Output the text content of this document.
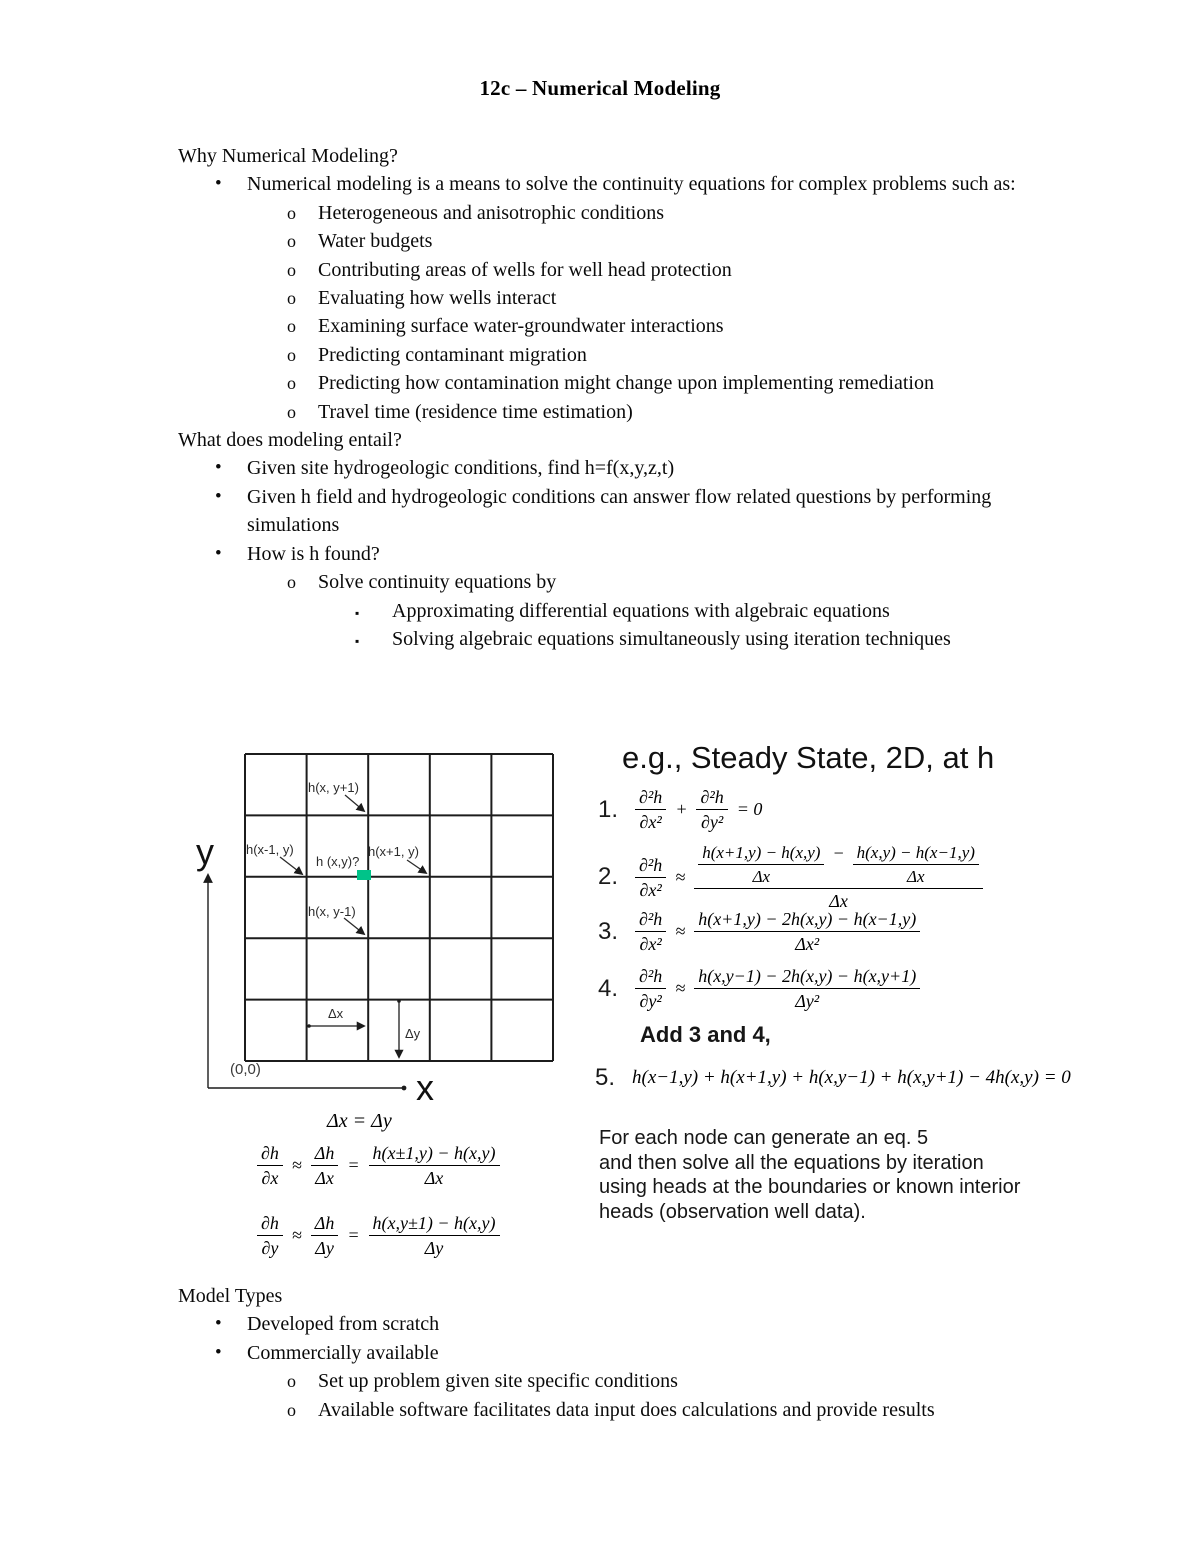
12c – Numerical Modeling
Why Numerical Modeling?
• Numerical modeling is a means to solve the continuity equations for complex problems such as:
o Heterogeneous and anisotrophic conditions
o Water budgets
o Contributing areas of wells for well head protection
o Evaluating how wells interact
o Examining surface water-groundwater interactions
o Predicting contaminant migration
o Predicting how contamination might change upon implementing remediation
o Travel time (residence time estimation)
What does modeling entail?
• Given site hydrogeologic conditions, find h=f(x,y,z,t)
• Given h field and hydrogeologic conditions can answer flow related questions by performing simulations
• How is h found?
o Solve continuity equations by
▪ Approximating differential equations with algebraic equations
▪ Solving algebraic equations simultaneously using iteration techniques
h(x, y+1)
h(x-1, y)
h (x,y)?
h(x+1, y)
h(x, y-1)
Δx
Δy
(0,0)
y
x
Δx = Δy
$\frac{\partial h}{\partial x} \approx \frac{\Delta h}{\Delta x} = \frac{h(x\pm 1,y) - h(x,y)}{\Delta x}$
$\frac{\partial h}{\partial y} \approx \frac{\Delta h}{\Delta y} = \frac{h(x,y\pm 1) - h(x,y)}{\Delta y}$
e.g., Steady State, 2D, at h
1. $\frac{\text{∂²h}}{\text{∂x²}} + \frac{\text{∂²h}}{\text{∂y²}} = 0$
2. $\frac{\text{∂²h}}{\text{∂x²}} \approx \frac{\frac{h(x+1,y) - h(x,y)}{\Delta x} - \frac{h(x,y) - h(x-1,y)}{\Delta x}}{\Delta x}$
3. $\frac{\text{∂²h}}{\text{∂x²}} \approx \frac{h(x+1,y) - 2h(x,y) - h(x-1,y)}{\text{Δx²}}$
4. $\frac{\text{∂²h}}{\text{∂y²}} \approx \frac{h(x,y-1) - 2h(x,y) - h(x,y+1)}{\text{Δy²}}$
Add 3 and 4,
5. h(x−1,y) + h(x+1,y) + h(x,y−1) + h(x,y+1) − 4h(x,y) = 0
For each node can generate an eq. 5
and then solve all the equations by iteration
using heads at the boundaries or known interior
heads (observation well data).
Model Types
• Developed from scratch
• Commercially available
o Set up problem given site specific conditions
o Available software facilitates data input does calculations and provide results
